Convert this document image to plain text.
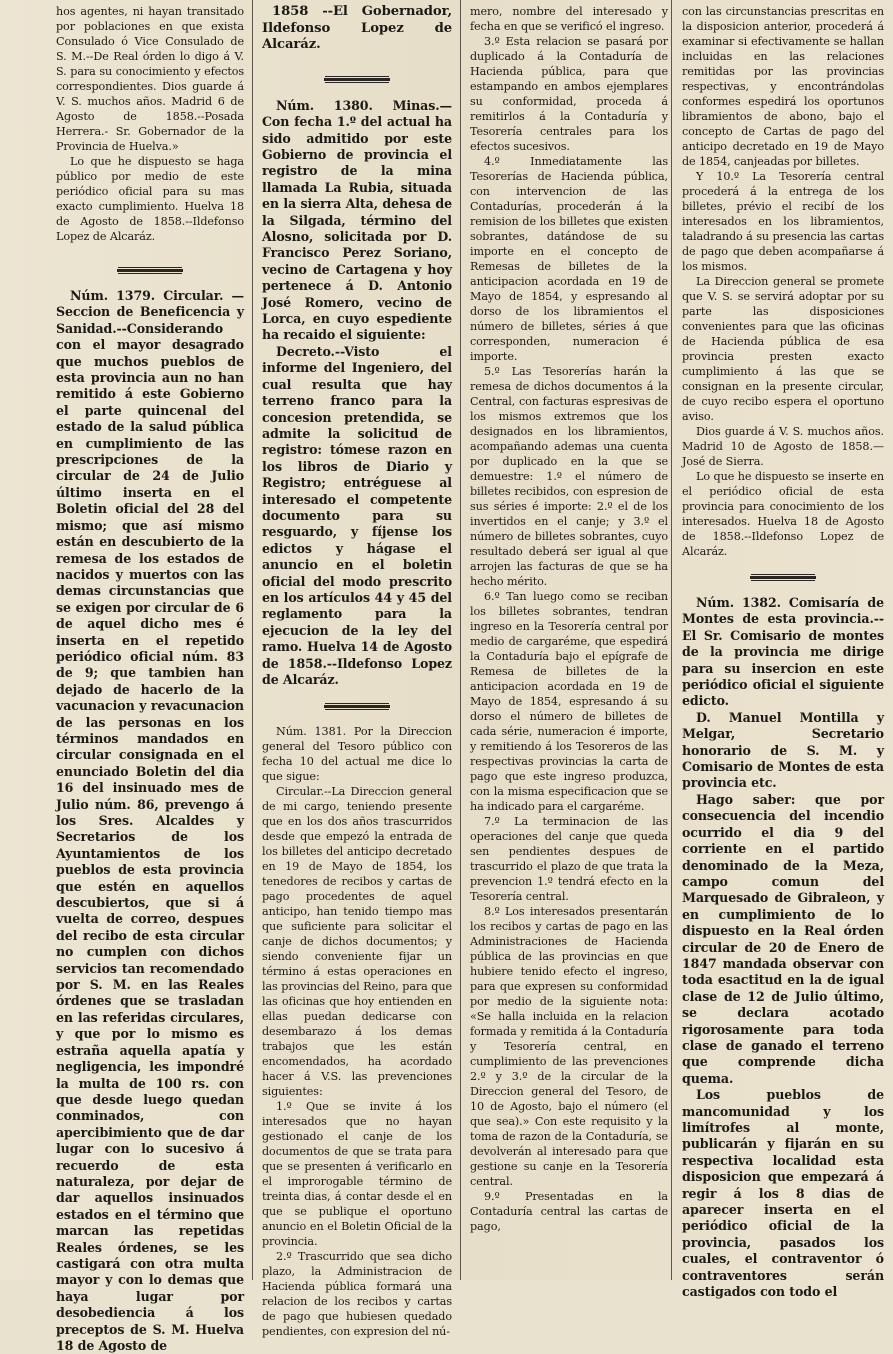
hos agentes, ni hayan transitado por poblaciones en que exista Consulado ó Vice Consulado de S. M.--De Real órden lo digo á V. S. para su conocimiento y efectos correspondientes. Dios guarde á V. S. muchos años. Madrid 6 de Agosto de 1858.--Posada Herrera.- Sr. Gobernador de la Provincia de Huelva.»

Lo que he dispuesto se haga público por medio de este periódico oficial para su mas exacto cumplimiento. Huelva 18 de Agosto de 1858.--Ildefonso Lopez de Alcaráz.

Núm. 1379. Circular. —Seccion de Beneficencia y Sanidad.--Considerando con el mayor desagrado que muchos pueblos de esta provincia aun no han remitido á este Gobierno el parte quincenal del estado de la salud pública en cumplimiento de las prescripciones de la circular de 24 de Julio último inserta en el Boletin oficial del 28 del mismo; que así mismo están en descubierto de la remesa de los estados de nacidos y muertos con las demas circunstancias que se exigen por circular de 6 de aquel dicho mes é inserta en el repetido periódico oficial núm. 83 de 9; que tambien han dejado de hacerlo de la vacunacion y revacunacion de las personas en los términos mandados en circular consignada en el enunciado Boletin del dia 16 del insinuado mes de Julio núm. 86, prevengo á los Sres. Alcaldes y Secretarios de los Ayuntamientos de los pueblos de esta provincia que estén en aquellos descubiertos, que si á vuelta de correo, despues del recibo de esta circular no cumplen con dichos servicios tan recomendado por S. M. en las Reales órdenes que se trasladan en las referidas circulares, y que por lo mismo es estraña aquella apatía y negligencia, les impondré la multa de 100 rs. con que desde luego quedan conminados, con apercibimiento que de dar lugar con lo sucesivo á recuerdo de esta naturaleza, por dejar de dar aquellos insinuados estados en el término que marcan las repetidas Reales órdenes, se les castigará con otra multa mayor y con lo demas que haya lugar por desobediencia á los preceptos de S. M. Huelva 18 de Agosto de

1858 --El Gobernador, Ildefonso Lopez de Alcaráz.

Núm. 1380. Minas.— Con fecha 1.º del actual ha sido admitido por este Gobierno de provincia el registro de la mina llamada La Rubia, situada en la sierra Alta, dehesa de la Silgada, término del Alosno, solicitada por D. Francisco Perez Soriano, vecino de Cartagena y hoy pertenece á D. Antonio José Romero, vecino de Lorca, en cuyo espediente ha recaido el siguiente:

Decreto.--Visto el informe del Ingeniero, del cual resulta que hay terreno franco para la concesion pretendida, se admite la solicitud de registro: tómese razon en los libros de Diario y Registro; entréguese al interesado el competente documento para su resguardo, y fíjense los edictos y hágase el anuncio en el boletin oficial del modo prescrito en los artículos 44 y 45 del reglamento para la ejecucion de la ley del ramo. Huelva 14 de Agosto de 1858.--Ildefonso Lopez de Alcaráz.

Núm. 1381. Por la Direccion general del Tesoro público con fecha 10 del actual me dice lo que sigue:

Circular.--La Direccion general de mi cargo, teniendo presente que en los dos años trascurridos desde que empezó la entrada de los billetes del anticipo decretado en 19 de Mayo de 1854, los tenedores de recibos y cartas de pago procedentes de aquel anticipo, han tenido tiempo mas que suficiente para solicitar el canje de dichos documentos; y siendo conveniente fijar un término á estas operaciones en las provincias del Reino, para que las oficinas que hoy entienden en ellas puedan dedicarse con desembarazo á los demas trabajos que les están encomendados, ha acordado hacer á V.S. las prevenciones siguientes:

1.º Que se invite á los interesados que no hayan gestionado el canje de los documentos de que se trata para que se presenten á verificarlo en el improrogable término de treinta dias, á contar desde el en que se publique el oportuno anuncio en el Boletin Oficial de la provincia.

2.º Trascurrido que sea dicho plazo, la Administracion de Hacienda pública formará una relacion de los recibos y cartas de pago que hubiesen quedado pendientes, con expresion del nú-

mero, nombre del interesado y fecha en que se verificó el ingreso.

3.º Esta relacion se pasará por duplicado á la Contaduría de Hacienda pública, para que estampando en ambos ejemplares su conformidad, proceda á remitirlos á la Contaduría y Tesorería centrales para los efectos sucesivos.

4.º Inmediatamente las Tesorerías de Hacienda pública, con intervencion de las Contadurías, procederán á la remision de los billetes que existen sobrantes, datándose de su importe en el concepto de Remesas de billetes de la anticipacion acordada en 19 de Mayo de 1854, y espresando al dorso de los libramientos el número de billetes, séries á que corresponden, numeracion é importe.

5.º Las Tesorerías harán la remesa de dichos documentos á la Central, con facturas espresivas de los mismos extremos que los designados en los libramientos, acompañando ademas una cuenta por duplicado en la que se demuestre: 1.º el número de billetes recibidos, con espresion de sus séries é importe: 2.º el de los invertidos en el canje; y 3.º el número de billetes sobrantes, cuyo resultado deberá ser igual al que arrojen las facturas de que se ha hecho mérito.

6.º Tan luego como se reciban los billetes sobrantes, tendran ingreso en la Tesorería central por medio de cargaréme, que espedirá la Contaduría bajo el epígrafe de Remesa de billetes de la anticipacion acordada en 19 de Mayo de 1854, espresando á su dorso el número de billetes de cada série, numeracion é importe, y remitiendo á los Tesoreros de las respectivas provincias la carta de pago que este ingreso produzca, con la misma especificacion que se ha indicado para el cargaréme.

7.º La terminacion de las operaciones del canje que queda sen pendientes despues de trascurrido el plazo de que trata la prevencion 1.º tendrá efecto en la Tesorería central.

8.º Los interesados presentarán los recibos y cartas de pago en las Administraciones de Hacienda pública de las provincias en que hubiere tenido efecto el ingreso, para que expresen su conformidad por medio de la siguiente nota: «Se halla incluida en la relacion formada y remitida á la Contaduría y Tesorería central, en cumplimiento de las prevenciones 2.º y 3.º de la circular de la Direccion general del Tesoro, de 10 de Agosto, bajo el número (el que sea).» Con este requisito y la toma de razon de la Contaduría, se devolverán al interesado para que gestione su canje en la Tesorería central.

9.º Presentadas en la Contaduría central las cartas de pago,

con las circunstancias prescritas en la disposicion anterior, procederá á examinar si efectivamente se hallan incluidas en las relaciones remitidas por las provincias respectivas, y encontrándolas conformes espedirá los oportunos libramientos de abono, bajo el concepto de Cartas de pago del anticipo decretado en 19 de Mayo de 1854, canjeadas por billetes.

Y 10.º La Tesorería central procederá á la entrega de los billetes, prévio el recibí de los interesados en los libramientos, taladrando á su presencia las cartas de pago que deben acompañarse á los mismos.

La Direccion general se promete que V. S. se servirá adoptar por su parte las disposiciones convenientes para que las oficinas de Hacienda pública de esa provincia presten exacto cumplimiento á las que se consignan en la presente circular, de cuyo recibo espera el oportuno aviso.

Dios guarde á V. S. muchos años. Madrid 10 de Agosto de 1858.—José de Sierra.

Lo que he dispuesto se inserte en el periódico oficial de esta provincia para conocimiento de los interesados. Huelva 18 de Agosto de 1858.--Ildefonso Lopez de Alcaráz.

Núm. 1382. Comisaría de Montes de esta provincia.--El Sr. Comisario de montes de la provincia me dirige para su insercion en este periódico oficial el siguiente edicto.

D. Manuel Montilla y Melgar, Secretario honorario de S. M. y Comisario de Montes de esta provincia etc.

Hago saber: que por consecuencia del incendio ocurrido el dia 9 del corriente en el partido denominado de la Meza, campo comun del Marquesado de Gibraleon, y en cumplimiento de lo dispuesto en la Real órden circular de 20 de Enero de 1847 mandada observar con toda esactitud en la de igual clase de 12 de Julio último, se declara acotado rigorosamente para toda clase de ganado el terreno que comprende dicha quema.

Los pueblos de mancomunidad y los limítrofes al monte, publicarán y fijarán en su respectiva localidad esta disposicion que empezará á regir á los 8 dias de aparecer inserta en el periódico oficial de la provincia, pasados los cuales, el contraventor ó contraventores serán castigados con todo el
